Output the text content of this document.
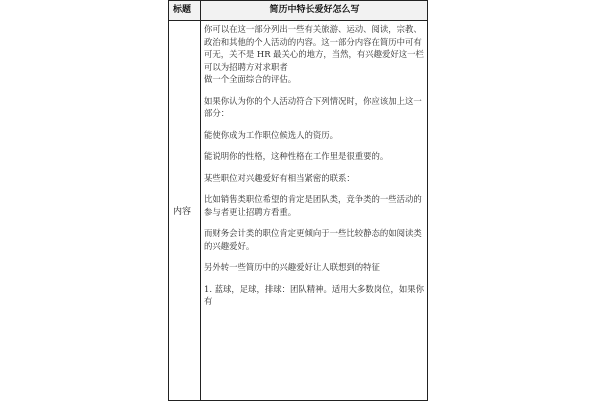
标题	简历中特长爱好怎么写
内容

你可以在这一部分列出一些有关旅游、运动、阅读，宗教、政治和其他的个人活动的内容。这一部分内容在简历中可有可无，关不是 HR 最关心的地方，当然，有兴趣爱好这一栏可以为招聘方对求职者

做一个全面综合的评估。

如果你认为你的个人活动符合下列情况时，你应该加上这一部分：

能使你成为工作职位候选人的资历。

能说明你的性格，这种性格在工作里是很重要的。

某些职位对兴趣爱好有相当紧密的联系：

比如销售类职位希望的肯定是团队类，竞争类的一些活动的参与者更让招聘方看重。

而财务会计类的职位肯定更倾向于一些比较静态的如阅读类的兴趣爱好。

另外转一些简历中的兴趣爱好让人联想到的特征

1. 蓝球，足球，排球：团队精神。适用大多数岗位，如果你有
